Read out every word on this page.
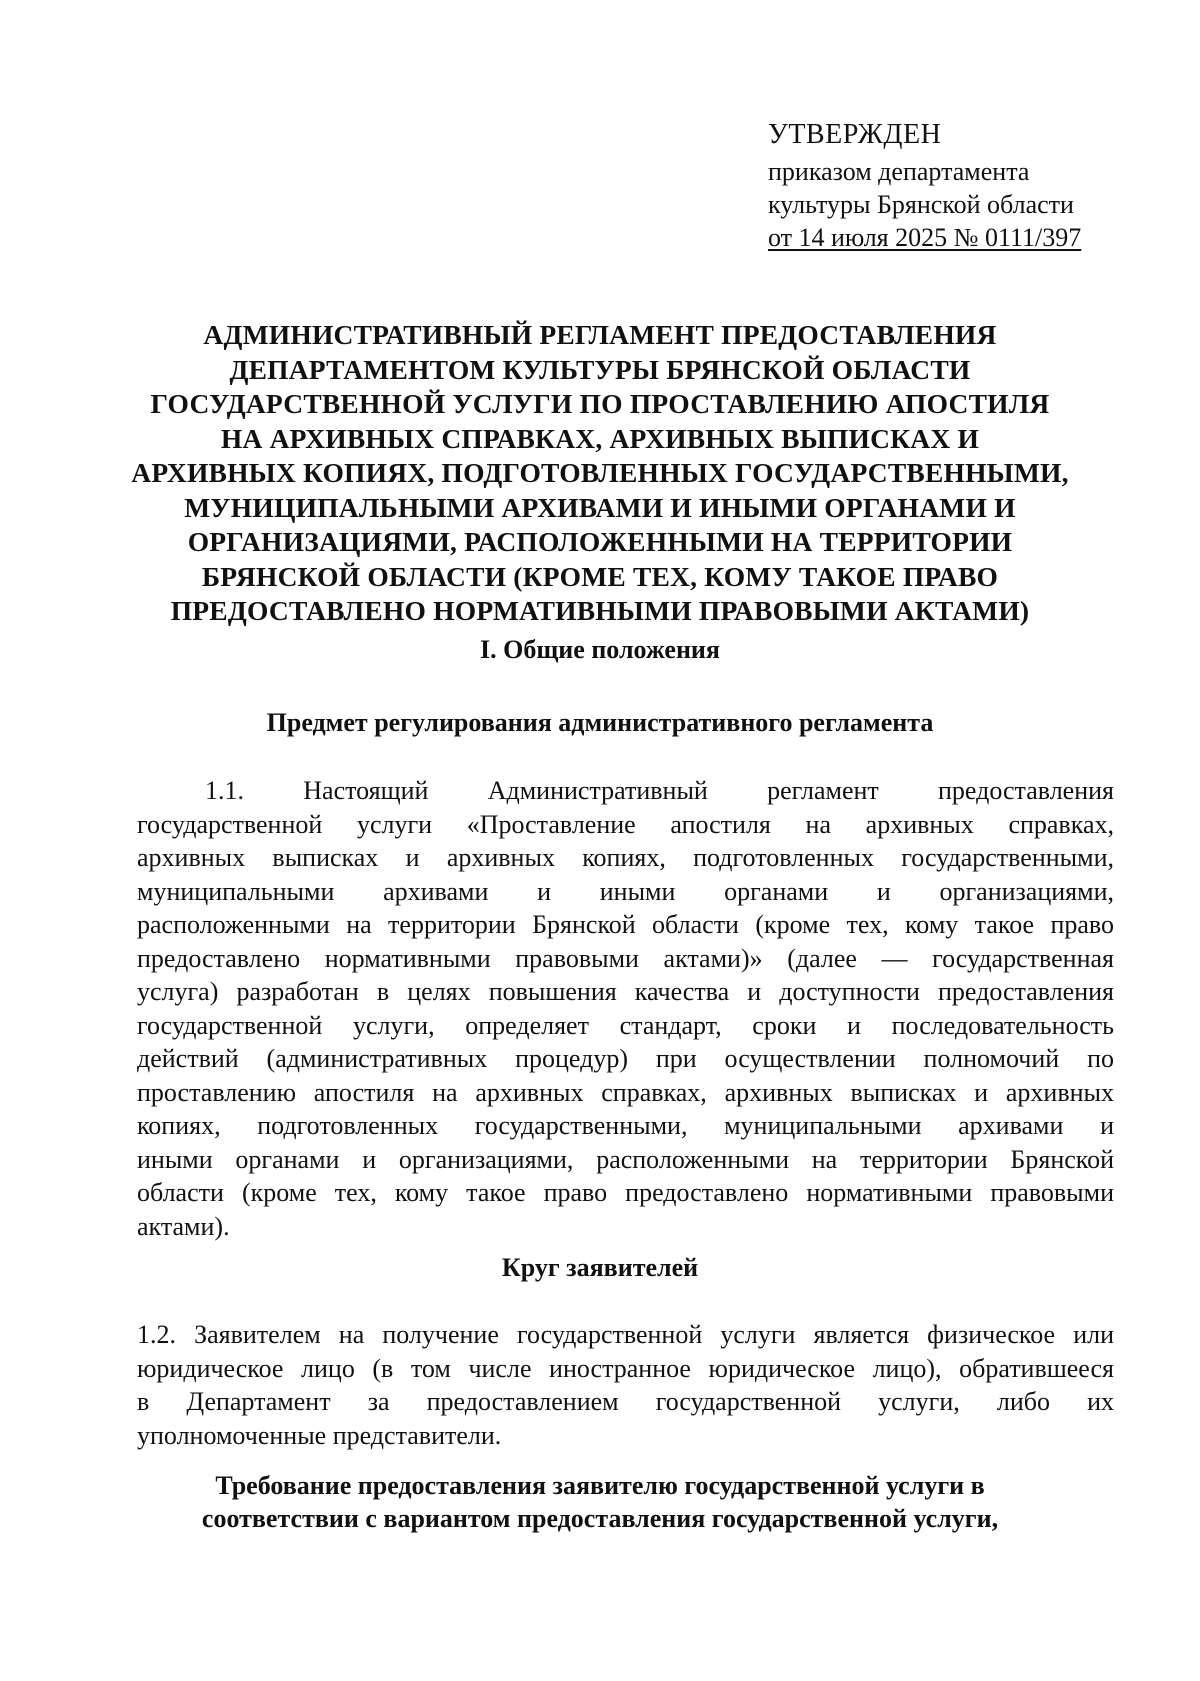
УТВЕРЖДЕН
приказом департамента
культуры Брянской области
от 14 июля 2025 № 0111/397
АДМИНИСТРАТИВНЫЙ РЕГЛАМЕНТ ПРЕДОСТАВЛЕНИЯ
ДЕПАРТАМЕНТОМ КУЛЬТУРЫ БРЯНСКОЙ ОБЛАСТИ
ГОСУДАРСТВЕННОЙ УСЛУГИ ПО ПРОСТАВЛЕНИЮ АПОСТИЛЯ
НА АРХИВНЫХ СПРАВКАХ, АРХИВНЫХ ВЫПИСКАХ И
АРХИВНЫХ КОПИЯХ, ПОДГОТОВЛЕННЫХ ГОСУДАРСТВЕННЫМИ,
МУНИЦИПАЛЬНЫМИ АРХИВАМИ И ИНЫМИ ОРГАНАМИ И
ОРГАНИЗАЦИЯМИ, РАСПОЛОЖЕННЫМИ НА ТЕРРИТОРИИ
БРЯНСКОЙ ОБЛАСТИ (КРОМЕ ТЕХ, КОМУ ТАКОЕ ПРАВО
ПРЕДОСТАВЛЕНО НОРМАТИВНЫМИ ПРАВОВЫМИ АКТАМИ)
I. Общие положения
Предмет регулирования административного регламента
1.1. Настоящий Административный регламент предоставления
государственной услуги «Проставление апостиля на архивных справках,
архивных выписках и архивных копиях, подготовленных государственными,
муниципальными архивами и иными органами и организациями,
расположенными на территории Брянской области (кроме тех, кому такое право
предоставлено нормативными правовыми актами)» (далее — государственная
услуга) разработан в целях повышения качества и доступности предоставления
государственной услуги, определяет стандарт, сроки и последовательность
действий (административных процедур) при осуществлении полномочий по
проставлению апостиля на архивных справках, архивных выписках и архивных
копиях, подготовленных государственными, муниципальными архивами и
иными органами и организациями, расположенными на территории Брянской
области (кроме тех, кому такое право предоставлено нормативными правовыми
актами).
Круг заявителей
1.2. Заявителем на получение государственной услуги является физическое или
юридическое лицо (в том числе иностранное юридическое лицо), обратившееся
в Департамент за предоставлением государственной услуги, либо их
уполномоченные представители.
Требование предоставления заявителю государственной услуги в
соответствии с вариантом предоставления государственной услуги,
